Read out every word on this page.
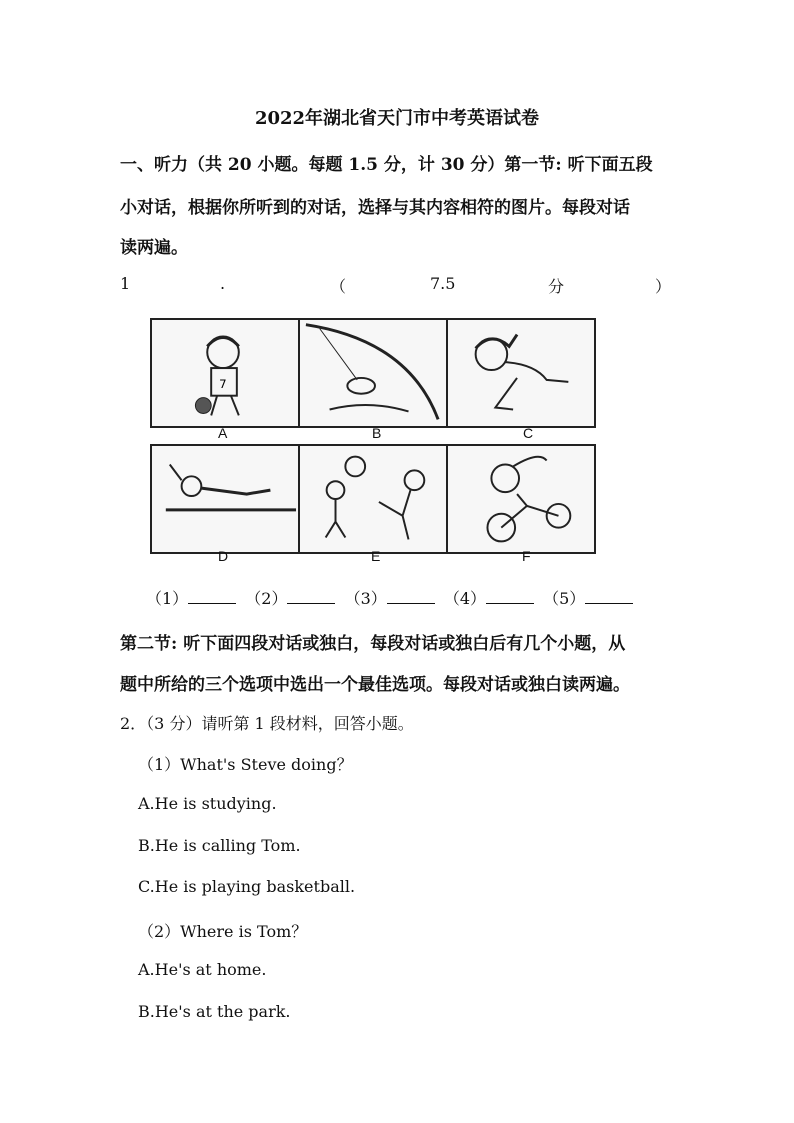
2022年湖北省天门市中考英语试卷
一、听力（共 20 小题。每题 1.5 分，计 30 分）第一节: 听下面五段
小对话，根据你所听到的对话，选择与其内容相符的图片。每段对话
读两遍。
1	.	（	7.5	分	）
7
A	B	C
D	E	F
（1）	（2）	（3）	（4）	（5）
第二节: 听下面四段对话或独白，每段对话或独白后有几个小题，从
题中所给的三个选项中选出一个最佳选项。每段对话或独白读两遍。
2．（3 分）请听第 1 段材料，回答小题。
（1）What's Steve doing？
A.He is studying.
B.He is calling Tom.
C.He is playing basketball.
（2）Where is Tom？
A.He's at home.
B.He's at the park.
